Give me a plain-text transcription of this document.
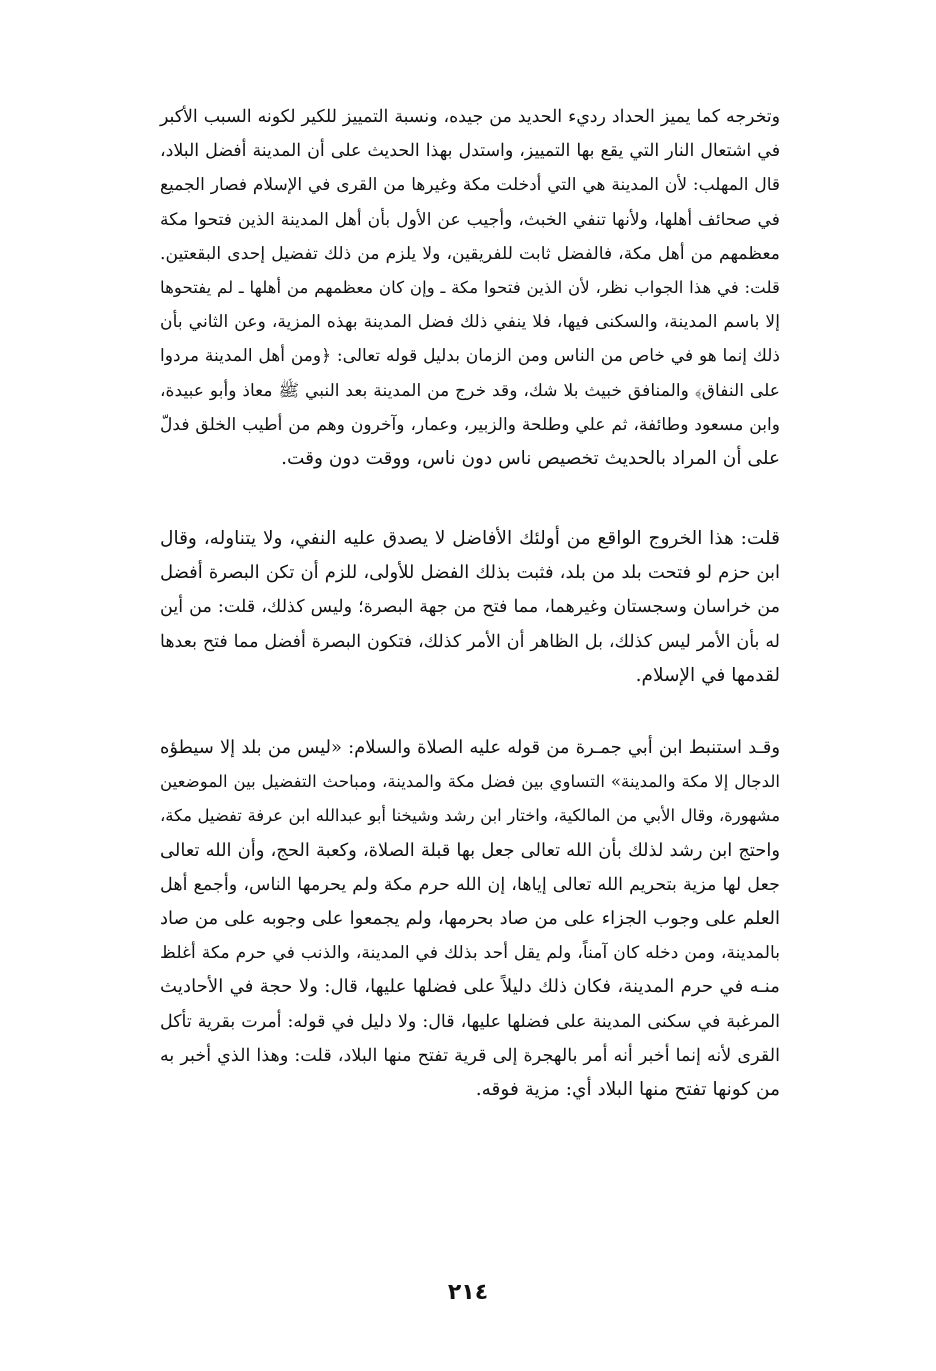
وتخرجه كما يميز الحداد رديء الحديد من جيده، ونسبة التمييز للكير لكونه السبب الأكبر
في اشتعال النار التي يقع بها التمييز، واستدل بهذا الحديث على أن المدينة أفضل البلاد،
قال المهلب: لأن المدينة هي التي أدخلت مكة وغيرها من القرى في الإسلام فصار الجميع
في صحائف أهلها، ولأنها تنفي الخبث، وأجيب عن الأول بأن أهل المدينة الذين فتحوا مكة
معظمهم من أهل مكة، فالفضل ثابت للفريقين، ولا يلزم من ذلك تفضيل إحدى البقعتين.
قلت: في هذا الجواب نظر، لأن الذين فتحوا مكة ـ وإن كان معظمهم من أهلها ـ لم يفتحوها
إلا باسم المدينة، والسكنى فيها، فلا ينفي ذلك فضل المدينة بهذه المزية، وعن الثاني بأن
ذلك إنما هو في خاص من الناس ومن الزمان بدليل قوله تعالى: ﴿ومن أهل المدينة مردوا
على النفاق﴾ والمنافق خبيث بلا شك، وقد خرج من المدينة بعد النبي ﷺ معاذ وأبو عبيدة،
وابن مسعود وطائفة، ثم علي وطلحة والزبير، وعمار، وآخرون وهم من أطيب الخلق فدلّ
على أن المراد بالحديث تخصيص ناس دون ناس، ووقت دون وقت.
قلت: هذا الخروج الواقع من أولئك الأفاضل لا يصدق عليه النفي، ولا يتناوله، وقال
ابن حزم لو فتحت بلد من بلد، فثبت بذلك الفضل للأولى، للزم أن تكن البصرة أفضل
من خراسان وسجستان وغيرهما، مما فتح من جهة البصرة؛ وليس كذلك، قلت: من أين
له بأن الأمر ليس كذلك، بل الظاهر أن الأمر كذلك، فتكون البصرة أفضل مما فتح بعدها
لقدمها في الإسلام.
وقـد استنبط ابن أبي جمـرة من قوله عليه الصلاة والسلام: «ليس من بلد إلا سيطؤه
الدجال إلا مكة والمدينة» التساوي بين فضل مكة والمدينة، ومباحث التفضيل بين الموضعين
مشهورة، وقال الأبي من المالكية، واختار ابن رشد وشيخنا أبو عبدالله ابن عرفة تفضيل مكة،
واحتج ابن رشد لذلك بأن الله تعالى جعل بها قبلة الصلاة، وكعبة الحج، وأن الله تعالى
جعل لها مزية بتحريم الله تعالى إياها، إن الله حرم مكة ولم يحرمها الناس، وأجمع أهل
العلم على وجوب الجزاء على من صاد بحرمها، ولم يجمعوا على وجوبه على من صاد
بالمدينة، ومن دخله كان آمناً، ولم يقل أحد بذلك في المدينة، والذنب في حرم مكة أغلظ
منـه في حرم المدينة، فكان ذلك دليلاً على فضلها عليها، قال: ولا حجة في الأحاديث
المرغبة في سكنى المدينة على فضلها عليها، قال: ولا دليل في قوله: أمرت بقرية تأكل
القرى لأنه إنما أخبر أنه أمر بالهجرة إلى قرية تفتح منها البلاد، قلت: وهذا الذي أخبر به
من كونها تفتح منها البلاد أي: مزية فوقه.
٢١٤
